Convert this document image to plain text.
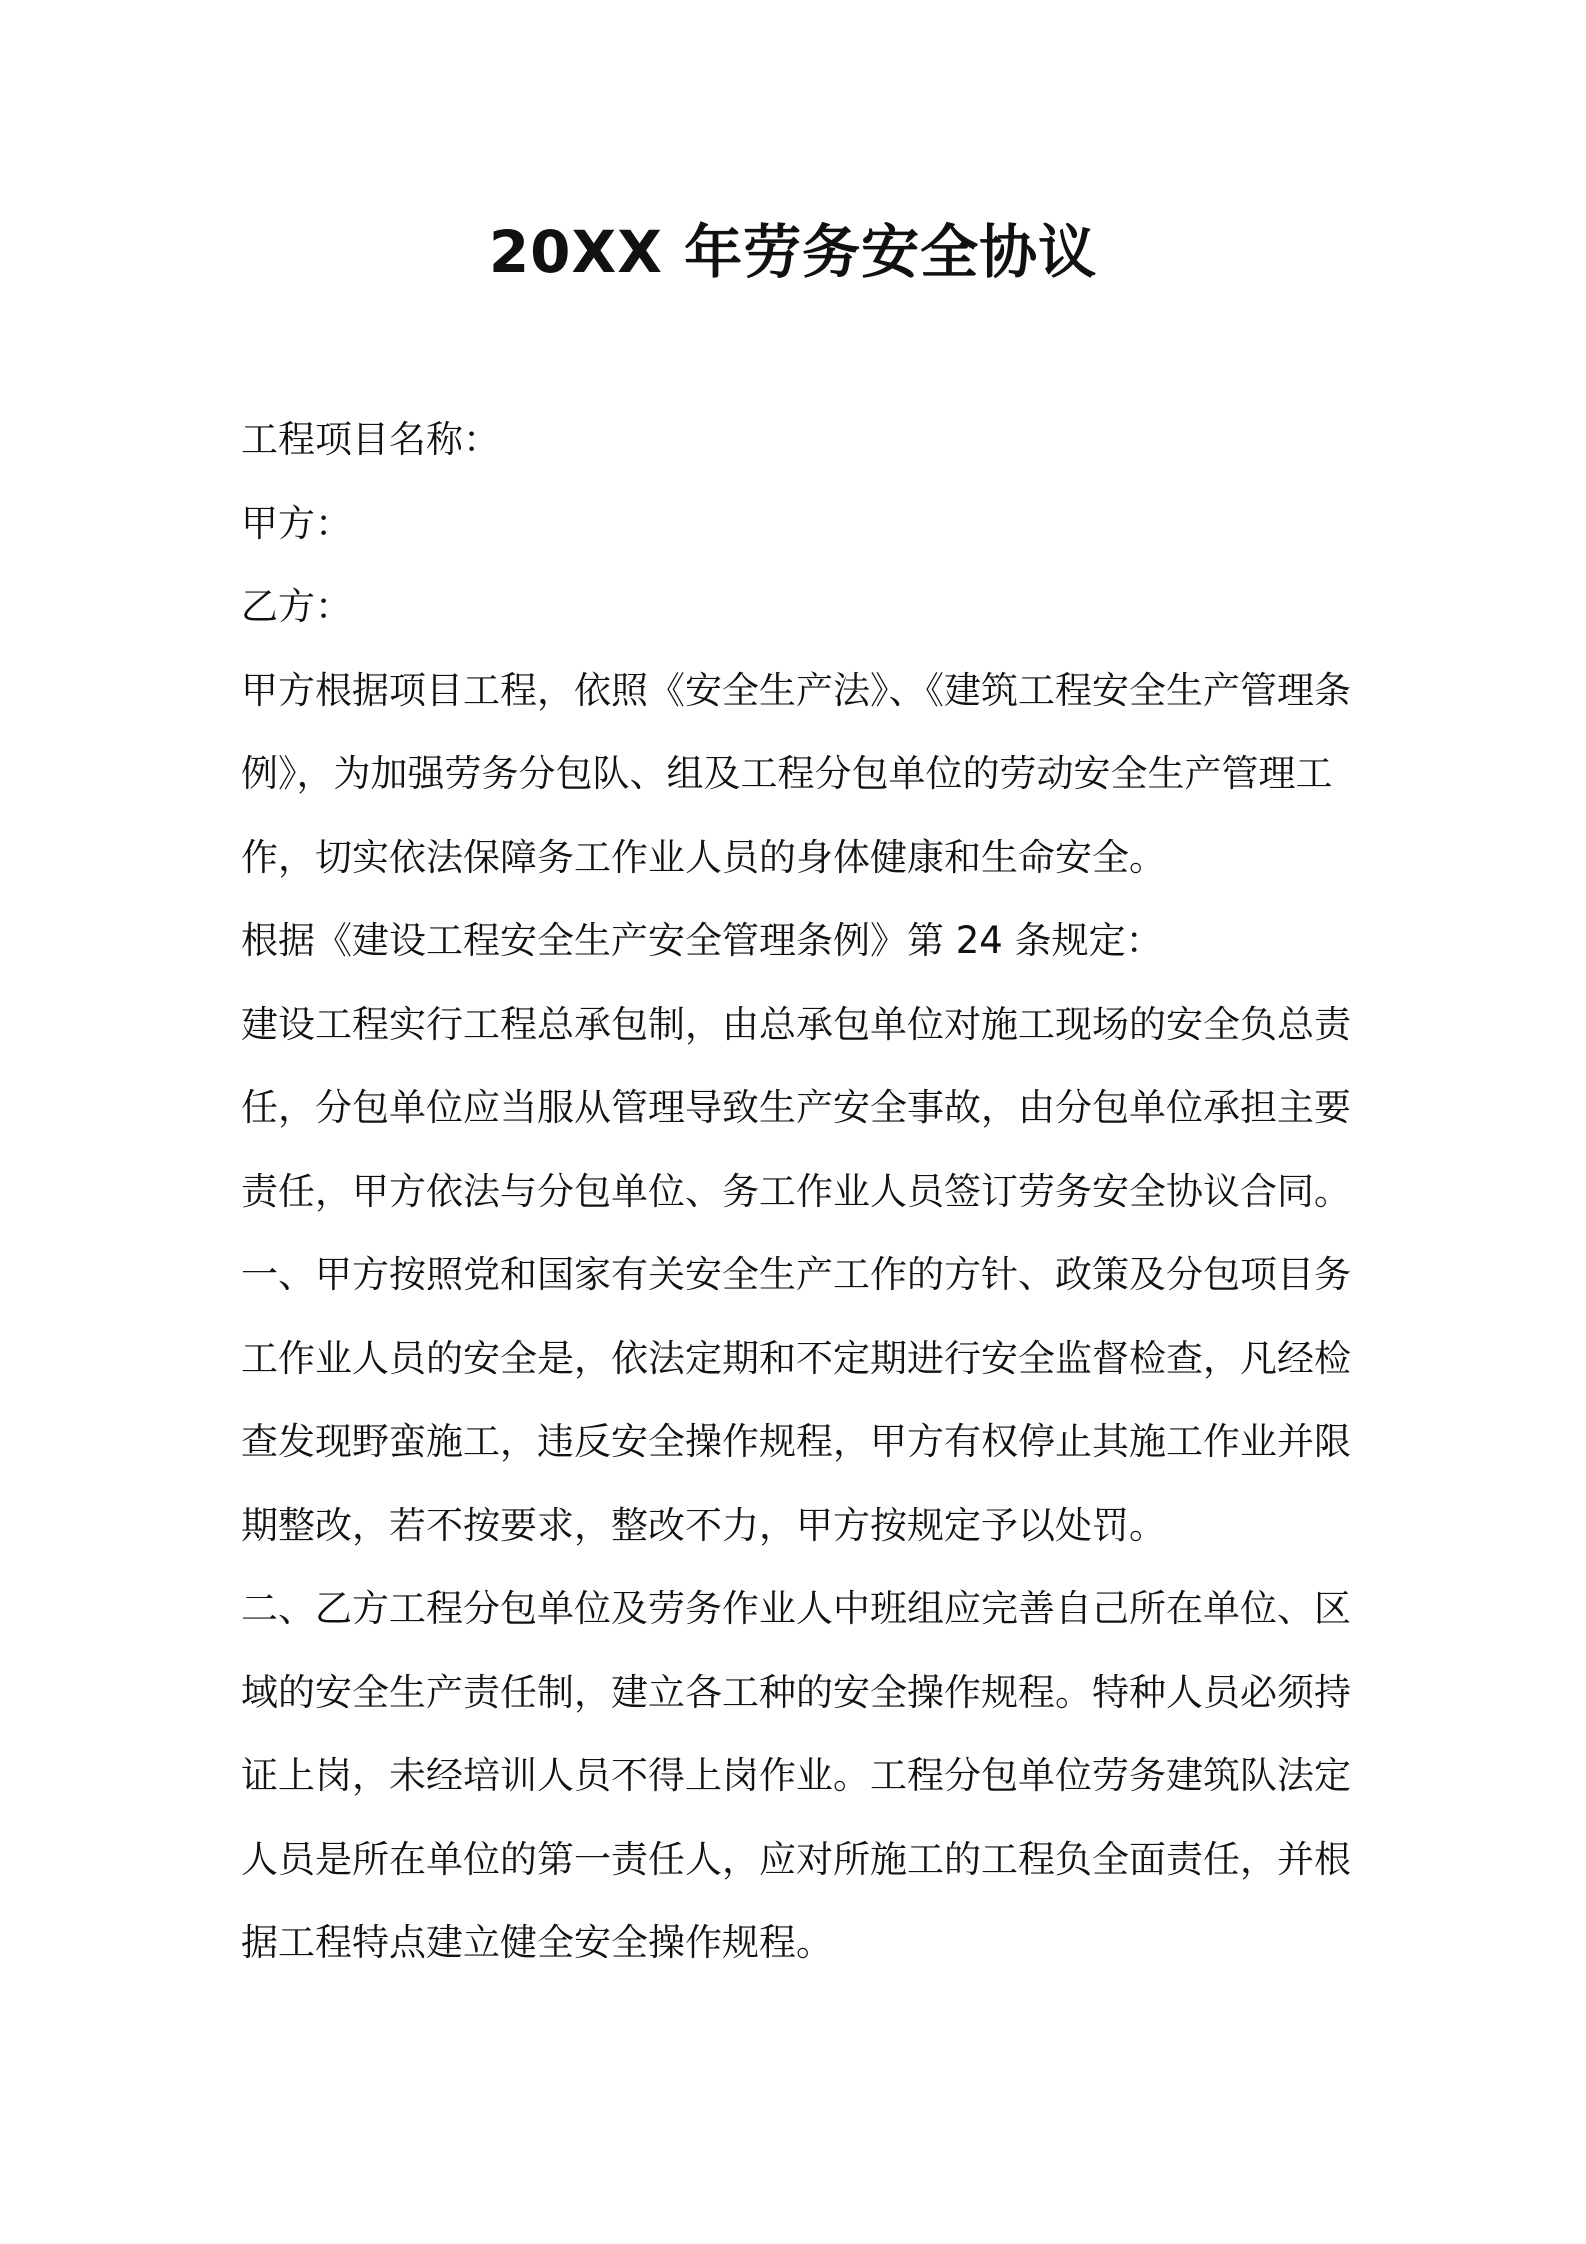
20XX 年劳务安全协议
工程项目名称：
甲方：
乙方：
甲方根据项目工程，依照《安全生产法》、《建筑工程安全生产管理条
例》，为加强劳务分包队、组及工程分包单位的劳动安全生产管理工
作，切实依法保障务工作业人员的身体健康和生命安全。
根据《建设工程安全生产安全管理条例》第 24 条规定：
建设工程实行工程总承包制，由总承包单位对施工现场的安全负总责
任，分包单位应当服从管理导致生产安全事故，由分包单位承担主要
责任，甲方依法与分包单位、务工作业人员签订劳务安全协议合同。
一、甲方按照党和国家有关安全生产工作的方针、政策及分包项目务
工作业人员的安全是，依法定期和不定期进行安全监督检查，凡经检
查发现野蛮施工，违反安全操作规程，甲方有权停止其施工作业并限
期整改，若不按要求，整改不力，甲方按规定予以处罚。
二、乙方工程分包单位及劳务作业人中班组应完善自己所在单位、区
域的安全生产责任制，建立各工种的安全操作规程。特种人员必须持
证上岗，未经培训人员不得上岗作业。工程分包单位劳务建筑队法定
人员是所在单位的第一责任人，应对所施工的工程负全面责任，并根
据工程特点建立健全安全操作规程。
